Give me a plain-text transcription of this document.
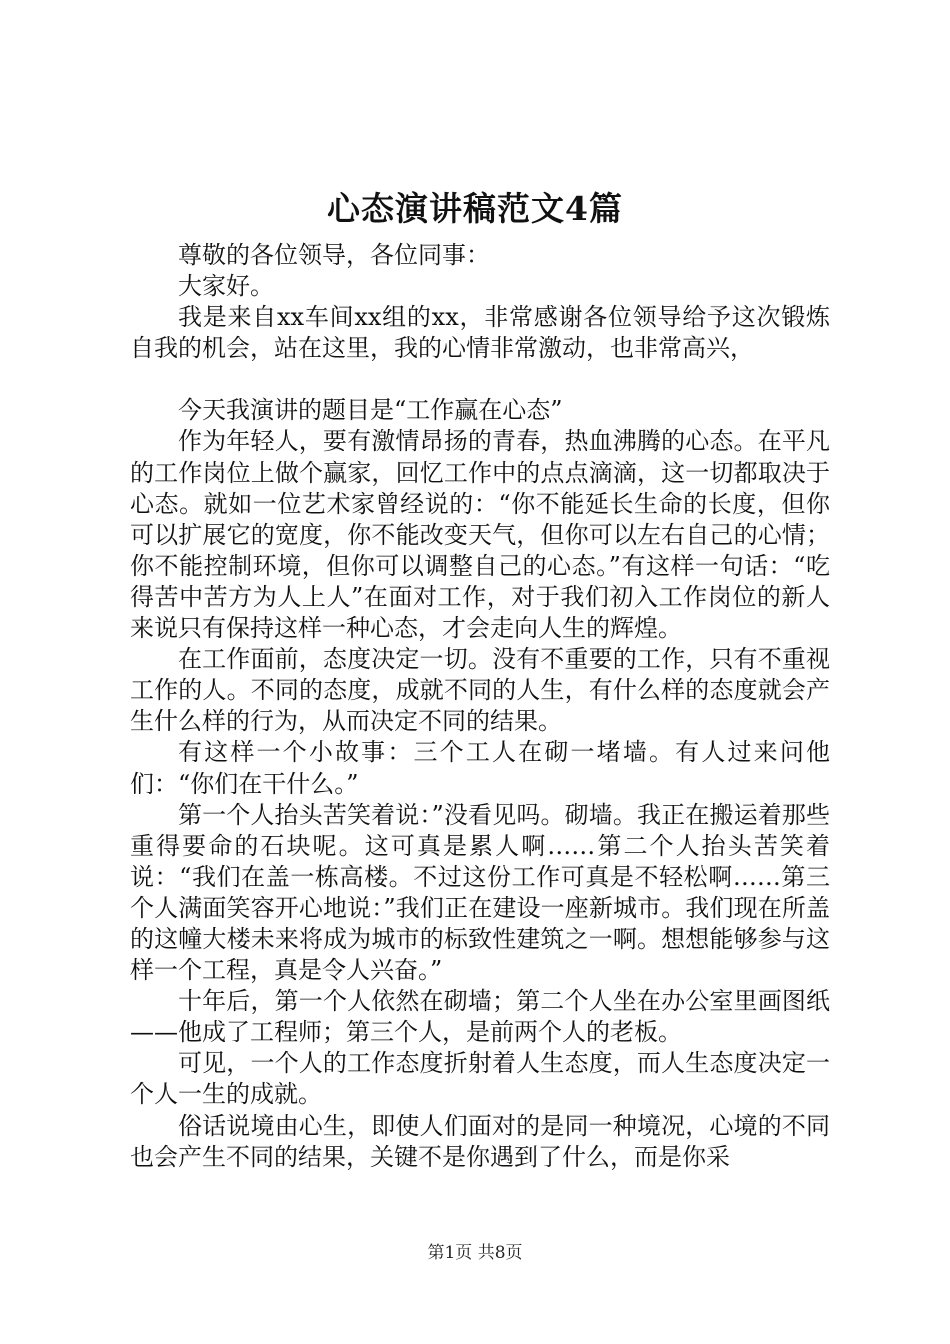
心态演讲稿范文4篇

尊敬的各位领导，各位同事：

大家好。

我是来自xx车间xx组的xx，非常感谢各位领导给予这次锻炼自我的机会，站在这里，我的心情非常激动，也非常高兴，

今天我演讲的题目是“工作赢在心态”

作为年轻人，要有激情昂扬的青春，热血沸腾的心态。在平凡的工作岗位上做个赢家，回忆工作中的点点滴滴，这一切都取决于心态。就如一位艺术家曾经说的：“你不能延长生命的长度，但你可以扩展它的宽度，你不能改变天气，但你可以左右自己的心情；你不能控制环境，但你可以调整自己的心态。”有这样一句话：“吃得苦中苦方为人上人”在面对工作，对于我们初入工作岗位的新人来说只有保持这样一种心态，才会走向人生的辉煌。

在工作面前，态度决定一切。没有不重要的工作，只有不重视工作的人。不同的态度，成就不同的人生，有什么样的态度就会产生什么样的行为，从而决定不同的结果。

有这样一个小故事：三个工人在砌一堵墙。有人过来问他们：“你们在干什么。”

第一个人抬头苦笑着说：”没看见吗。砌墙。我正在搬运着那些重得要命的石块呢。这可真是累人啊……第二个人抬头苦笑着说：“我们在盖一栋高楼。不过这份工作可真是不轻松啊……第三个人满面笑容开心地说：”我们正在建设一座新城市。我们现在所盖的这幢大楼未来将成为城市的标致性建筑之一啊。想想能够参与这样一个工程，真是令人兴奋。”

十年后，第一个人依然在砌墙；第二个人坐在办公室里画图纸——他成了工程师；第三个人，是前两个人的老板。

可见，一个人的工作态度折射着人生态度，而人生态度决定一个人一生的成就。

俗话说境由心生，即使人们面对的是同一种境况，心境的不同也会产生不同的结果，关键不是你遇到了什么，而是你采

第1页 共8页
